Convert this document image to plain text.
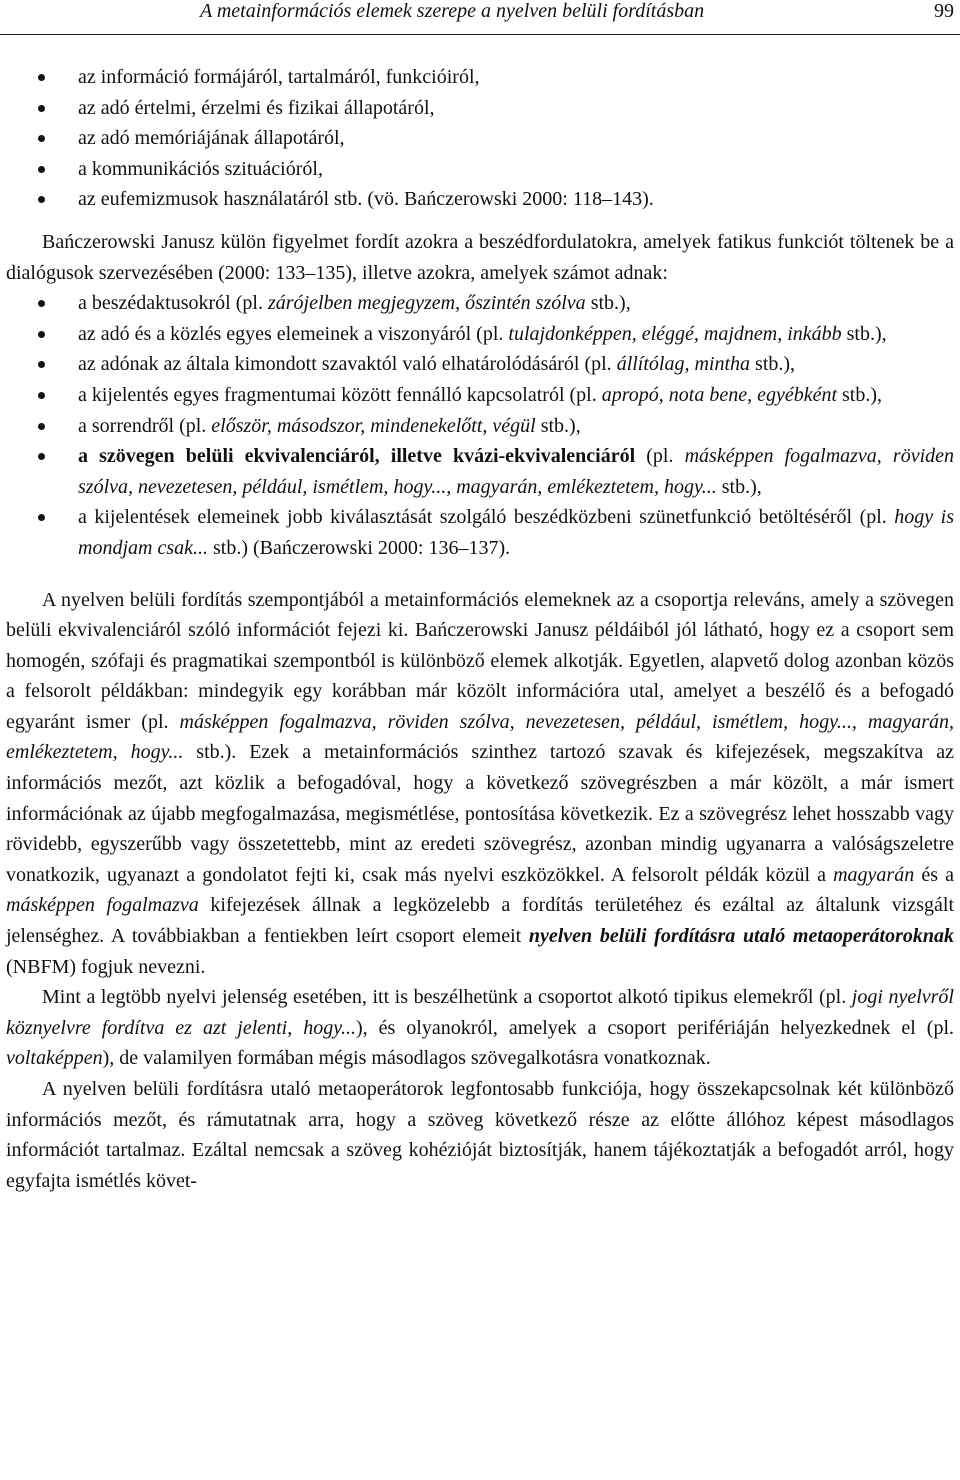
A metainformációs elemek szerepe a nyelven belüli fordításban	99
az információ formájáról, tartalmáról, funkcióiról,
az adó értelmi, érzelmi és fizikai állapotáról,
az adó memóriájának állapotáról,
a kommunikációs szituációról,
az eufemizmusok használatáról stb. (vö. Bańczerowski 2000: 118–143).

Bańczerowski Janusz külön figyelmet fordít azokra a beszédfordulatokra, amelyek fatikus funkciót töltenek be a dialógusok szervezésében (2000: 133–135), illetve azokra, amelyek számot adnak:

a beszédaktusokról (pl. zárójelben megjegyzem, őszintén szólva stb.),
az adó és a közlés egyes elemeinek a viszonyáról (pl. tulajdonképpen, eléggé, majdnem, inkább stb.),
az adónak az általa kimondott szavaktól való elhatárolódásáról (pl. állítólag, mintha stb.),
a kijelentés egyes fragmentumai között fennálló kapcsolatról (pl. apropó, nota bene, egyébként stb.),
a sorrendről (pl. először, másodszor, mindenekelőtt, végül stb.),
a szövegen belüli ekvivalenciáról, illetve kvázi-ekvivalenciáról (pl. másképpen fogalmazva, röviden szólva, nevezetesen, például, ismétlem, hogy..., magyarán, emlékeztetem, hogy... stb.),
a kijelentések elemeinek jobb kiválasztását szolgáló beszédközbeni szünetfunkció betöltéséről (pl. hogy is mondjam csak... stb.) (Bańczerowski 2000: 136–137).

A nyelven belüli fordítás szempontjából a metainformációs elemeknek az a csoportja releváns, amely a szövegen belüli ekvivalenciáról szóló információt fejezi ki. Bańczerowski Janusz példáiból jól látható, hogy ez a csoport sem homogén, szófaji és pragmatikai szempontból is különböző elemek alkotják. Egyetlen, alapvető dolog azonban közös a felsorolt példákban: mindegyik egy korábban már közölt információra utal, amelyet a beszélő és a befogadó egyaránt ismer (pl. másképpen fogalmazva, röviden szólva, nevezetesen, például, ismétlem, hogy..., magyarán, emlékeztetem, hogy... stb.). Ezek a metainformációs szinthez tartozó szavak és kifejezések, megszakítva az információs mezőt, azt közlik a befogadóval, hogy a következő szövegrészben a már közölt, a már ismert információnak az újabb megfogalmazása, megismétlése, pontosítása következik. Ez a szövegrész lehet hosszabb vagy rövidebb, egyszerűbb vagy összetettebb, mint az eredeti szövegrész, azonban mindig ugyanarra a valóságszeletre vonatkozik, ugyanazt a gondolatot fejti ki, csak más nyelvi eszközökkel. A felsorolt példák közül a magyarán és a másképpen fogalmazva kifejezések állnak a legközelebb a fordítás területéhez és ezáltal az általunk vizsgált jelenséghez. A továbbiakban a fentiekben leírt csoport elemeit nyelven belüli fordításra utaló metaoperátoroknak (NBFM) fogjuk nevezni.

Mint a legtöbb nyelvi jelenség esetében, itt is beszélhetünk a csoportot alkotó tipikus elemekről (pl. jogi nyelvről köznyelvre fordítva ez azt jelenti, hogy...), és olyanokról, amelyek a csoport perifériáján helyezkednek el (pl. voltaképpen), de valamilyen formában mégis másodlagos szövegalkotásra vonatkoznak.

A nyelven belüli fordításra utaló metaoperátorok legfontosabb funkciója, hogy összekapcsolnak két különböző információs mezőt, és rámutatnak arra, hogy a szöveg következő része az előtte állóhoz képest másodlagos információt tartalmaz. Ezáltal nemcsak a szöveg kohézióját biztosítják, hanem tájékoztatják a befogadót arról, hogy egyfajta ismétlés követ-
